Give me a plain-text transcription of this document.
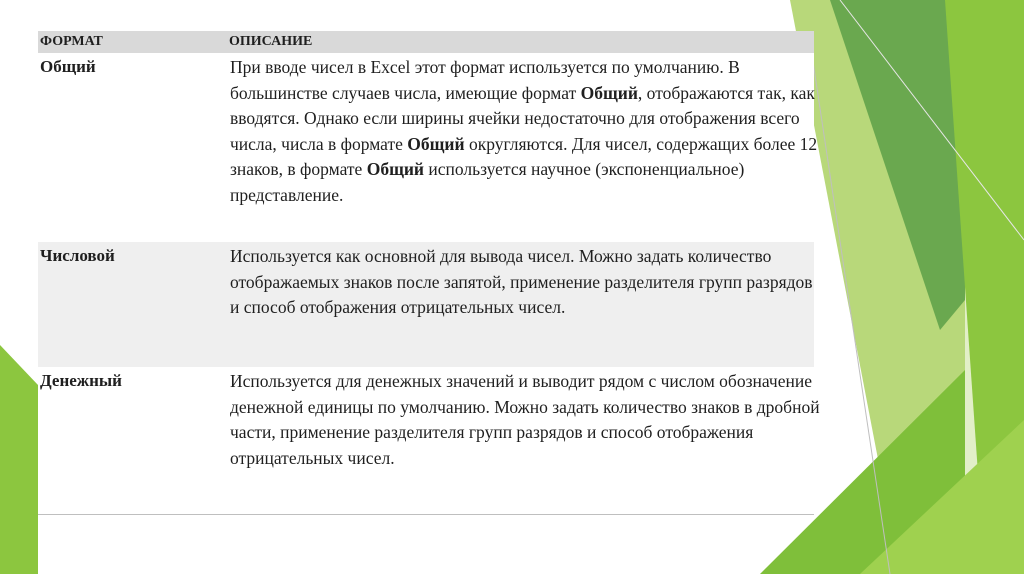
ФОРМАТ	ОПИСАНИЕ
Общий	При вводе чисел в Excel этот формат используется по умолчанию. В большинстве случаев числа, имеющие формат Общий, отображаются так, как вводятся. Однако если ширины ячейки недостаточно для отображения всего числа, числа в формате Общий округляются. Для чисел, содержащих более 12 знаков, в формате Общий используется научное (экспоненциальное) представление.

Числовой	Используется как основной для вывода чисел. Можно задать количество отображаемых знаков после запятой, применение разделителя групп разрядов и способ отображения отрицательных чисел.

Денежный	Используется для денежных значений и выводит рядом с числом обозначение денежной единицы по умолчанию. Можно задать количество знаков в дробной части, применение разделителя групп разрядов и способ отображения отрицательных чисел.
